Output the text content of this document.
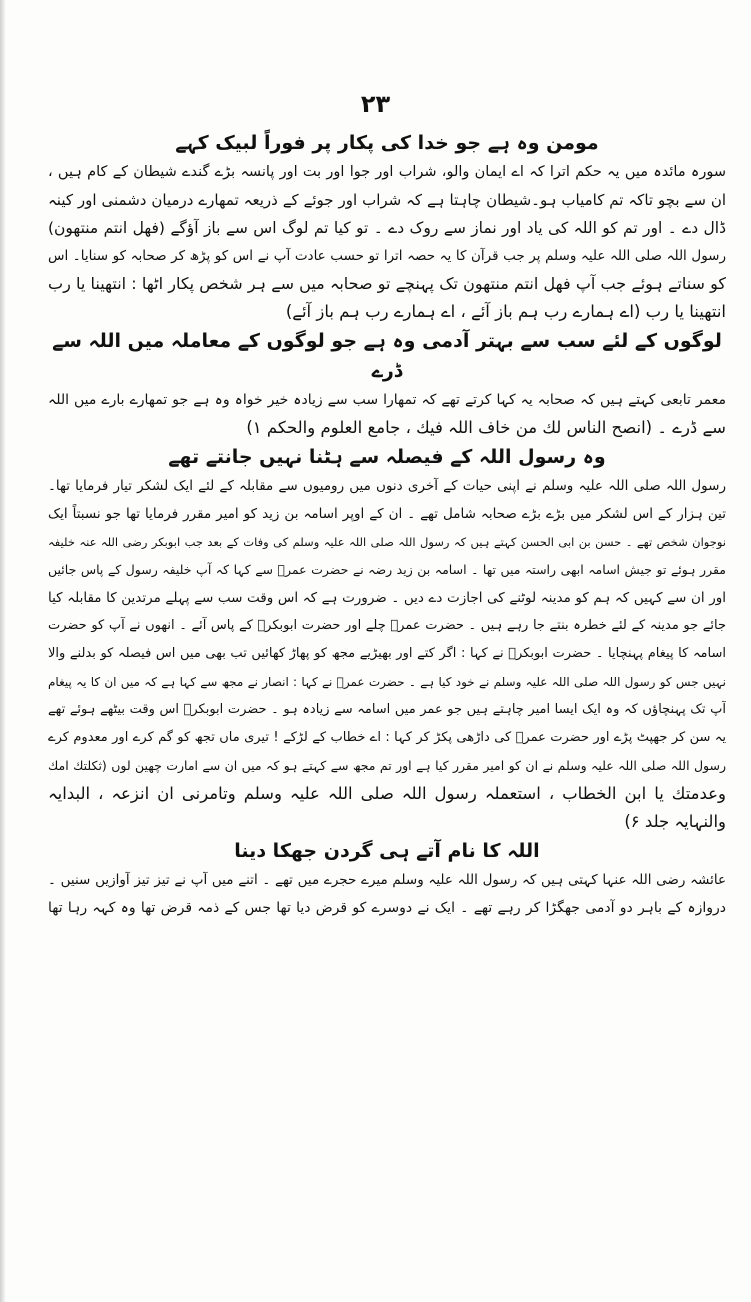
۲۳
مومن وہ ہے جو خدا کی پکار پر فوراً لبیک کہے

سورہ مائدہ میں یہ حکم اترا کہ اے ایمان والو، شراب اور جوا اور بت اور پانسہ بڑے گندے شیطان کے کام ہیں ،

ان سے بچو تاکہ تم کامیاب ہو۔شیطان چاہتا ہے کہ شراب اور جوئے کے ذریعہ تمھارے درمیان دشمنی اور کینہ

ڈال دے ۔ اور تم کو اللہ کی یاد اور نماز سے روک دے ۔ تو کیا تم لوگ اس سے باز آؤگے (فھل انتم منتھون)

رسول اللہ صلی اللہ علیہ وسلم پر جب قرآن کا یہ حصہ اترا تو حسب عادت آپ نے اس کو پڑھ کر صحابہ کو سنایا۔ اس

کو سناتے ہوئے جب آپ فھل انتم منتھون تک پہنچے تو صحابہ میں سے ہر شخص پکار اٹھا : انتھینا یا رب

انتھینا یا رب (اے ہمارے رب ہم باز آئے ، اے ہمارے رب ہم باز آئے)

لوگوں کے لئے سب سے بہتر آدمی وہ ہے جو لوگوں کے معاملہ میں اللہ سے ڈرے

معمر تابعی کہتے ہیں کہ صحابہ یہ کہا کرتے تھے کہ تمھارا سب سے زیادہ خیر خواہ وہ ہے جو تمھارے بارے میں اللہ

سے ڈرے ۔ (انصح الناس لك من خاف اللہ فیك ، جامع العلوم والحكم ۱)

وہ رسول اللہ کے فیصلہ سے ہٹنا نہیں جانتے تھے

رسول اللہ صلی اللہ علیہ وسلم نے اپنی حیات کے آخری دنوں میں رومیوں سے مقابلہ کے لئے ایک لشکر تیار فرمایا تھا۔

تین ہزار کے اس لشکر میں بڑے بڑے صحابہ شامل تھے ۔ ان کے اوپر اسامہ بن زید کو امیر مقرر فرمایا تھا جو نسبتاً ایک

نوجوان شخص تھے ۔ حسن بن ابی الحسن کہتے ہیں کہ رسول اللہ صلی اللہ علیہ وسلم کی وفات کے بعد جب ابوبکر رضی اللہ عنہ خلیفہ

مقرر ہوئے تو جیش اسامہ ابھی راستہ میں تھا ۔ اسامہ بن زید رضہ نے حضرت عمرؓ سے کہا کہ آپ خلیفہ رسول کے پاس جائیں

اور ان سے کہیں کہ ہم کو مدینہ لوٹنے کی اجازت دے دیں ۔ ضرورت ہے کہ اس وقت سب سے پہلے مرتدین کا مقابلہ کیا

جائے جو مدینہ کے لئے خطرہ بنتے جا رہے ہیں ۔ حضرت عمرؓ چلے اور حضرت ابوبکرؓ کے پاس آئے ۔ انھوں نے آپ کو حضرت

اسامہ کا پیغام پہنچایا ۔ حضرت ابوبکرؓ نے کہا : اگر کتے اور بھیڑیے مجھ کو پھاڑ کھائیں تب بھی میں اس فیصلہ کو بدلنے والا

نہیں جس کو رسول اللہ صلی اللہ علیہ وسلم نے خود کیا ہے ۔ حضرت عمرؓ نے کہا : انصار نے مجھ سے کہا ہے کہ میں ان کا یہ پیغام

آپ تک پہنچاؤں کہ وہ ایک ایسا امیر چاہتے ہیں جو عمر میں اسامہ سے زیادہ ہو ۔ حضرت ابوبکرؓ اس وقت بیٹھے ہوئے تھے

یہ سن کر جھپٹ پڑے اور حضرت عمرؓ کی داڑھی پکڑ کر کہا : اے خطاب کے لڑکے ! تیری ماں تجھ کو گم کرے اور معدوم کرے

رسول اللہ صلی اللہ علیہ وسلم نے ان کو امیر مقرر کیا ہے اور تم مجھ سے کہتے ہو کہ میں ان سے امارت چھین لوں (ثکلتك امك

وعدمتك یا ابن الخطاب ، استعملہ رسول اللہ صلی اللہ علیہ وسلم وتامرنی ان انزعہ ، البدایہ

والنہایہ جلد ۶)

اللہ کا نام آتے ہی گردن جھکا دینا

عائشہ رضی اللہ عنہا کہتی ہیں کہ رسول اللہ علیہ وسلم میرے حجرے میں تھے ۔ اتنے میں آپ نے تیز تیز آوازیں سنیں ۔

دروازہ کے باہر دو آدمی جھگڑا کر رہے تھے ۔ ایک نے دوسرے کو قرض دیا تھا جس کے ذمہ قرض تھا وہ کہہ رہا تھا
